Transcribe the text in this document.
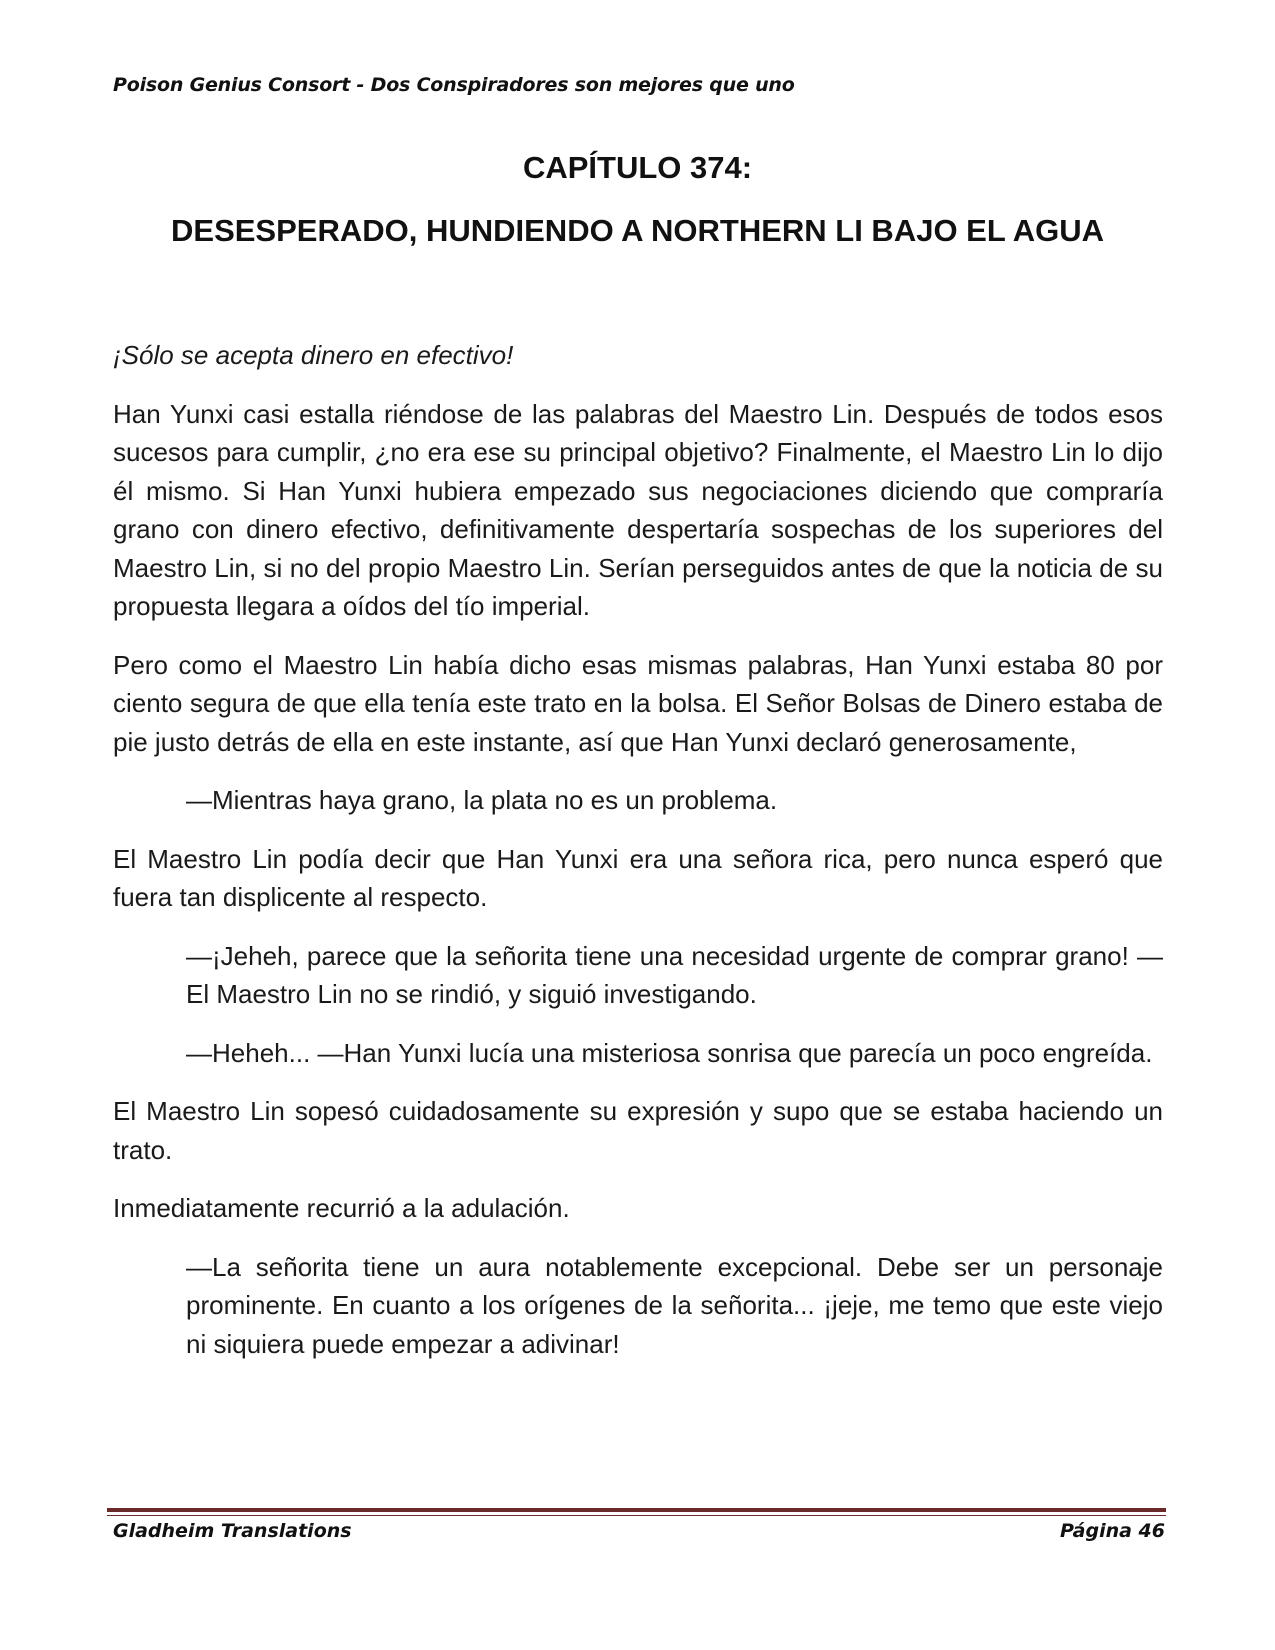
Poison Genius Consort - Dos Conspiradores son mejores que uno
CAPÍTULO 374:
DESESPERADO, HUNDIENDO A NORTHERN LI BAJO EL AGUA

¡Sólo se acepta dinero en efectivo!

Han Yunxi casi estalla riéndose de las palabras del Maestro Lin. Después de todos esos sucesos para cumplir, ¿no era ese su principal objetivo? Finalmente, el Maestro Lin lo dijo él mismo. Si Han Yunxi hubiera empezado sus negociaciones diciendo que compraría grano con dinero efectivo, definitivamente despertaría sospechas de los superiores del Maestro Lin, si no del propio Maestro Lin. Serían perseguidos antes de que la noticia de su propuesta llegara a oídos del tío imperial.

Pero como el Maestro Lin había dicho esas mismas palabras, Han Yunxi estaba 80 por ciento segura de que ella tenía este trato en la bolsa. El Señor Bolsas de Dinero estaba de pie justo detrás de ella en este instante, así que Han Yunxi declaró generosamente,

—Mientras haya grano, la plata no es un problema.

El Maestro Lin podía decir que Han Yunxi era una señora rica, pero nunca esperó que fuera tan displicente al respecto.

—¡Jeheh, parece que la señorita tiene una necesidad urgente de comprar grano! —El Maestro Lin no se rindió, y siguió investigando.

—Heheh... —Han Yunxi lucía una misteriosa sonrisa que parecía un poco engreída.

El Maestro Lin sopesó cuidadosamente su expresión y supo que se estaba haciendo un trato.

Inmediatamente recurrió a la adulación.

—La señorita tiene un aura notablemente excepcional. Debe ser un personaje prominente. En cuanto a los orígenes de la señorita... ¡jeje, me temo que este viejo ni siquiera puede empezar a adivinar!

Gladheim Translations	Página 46
